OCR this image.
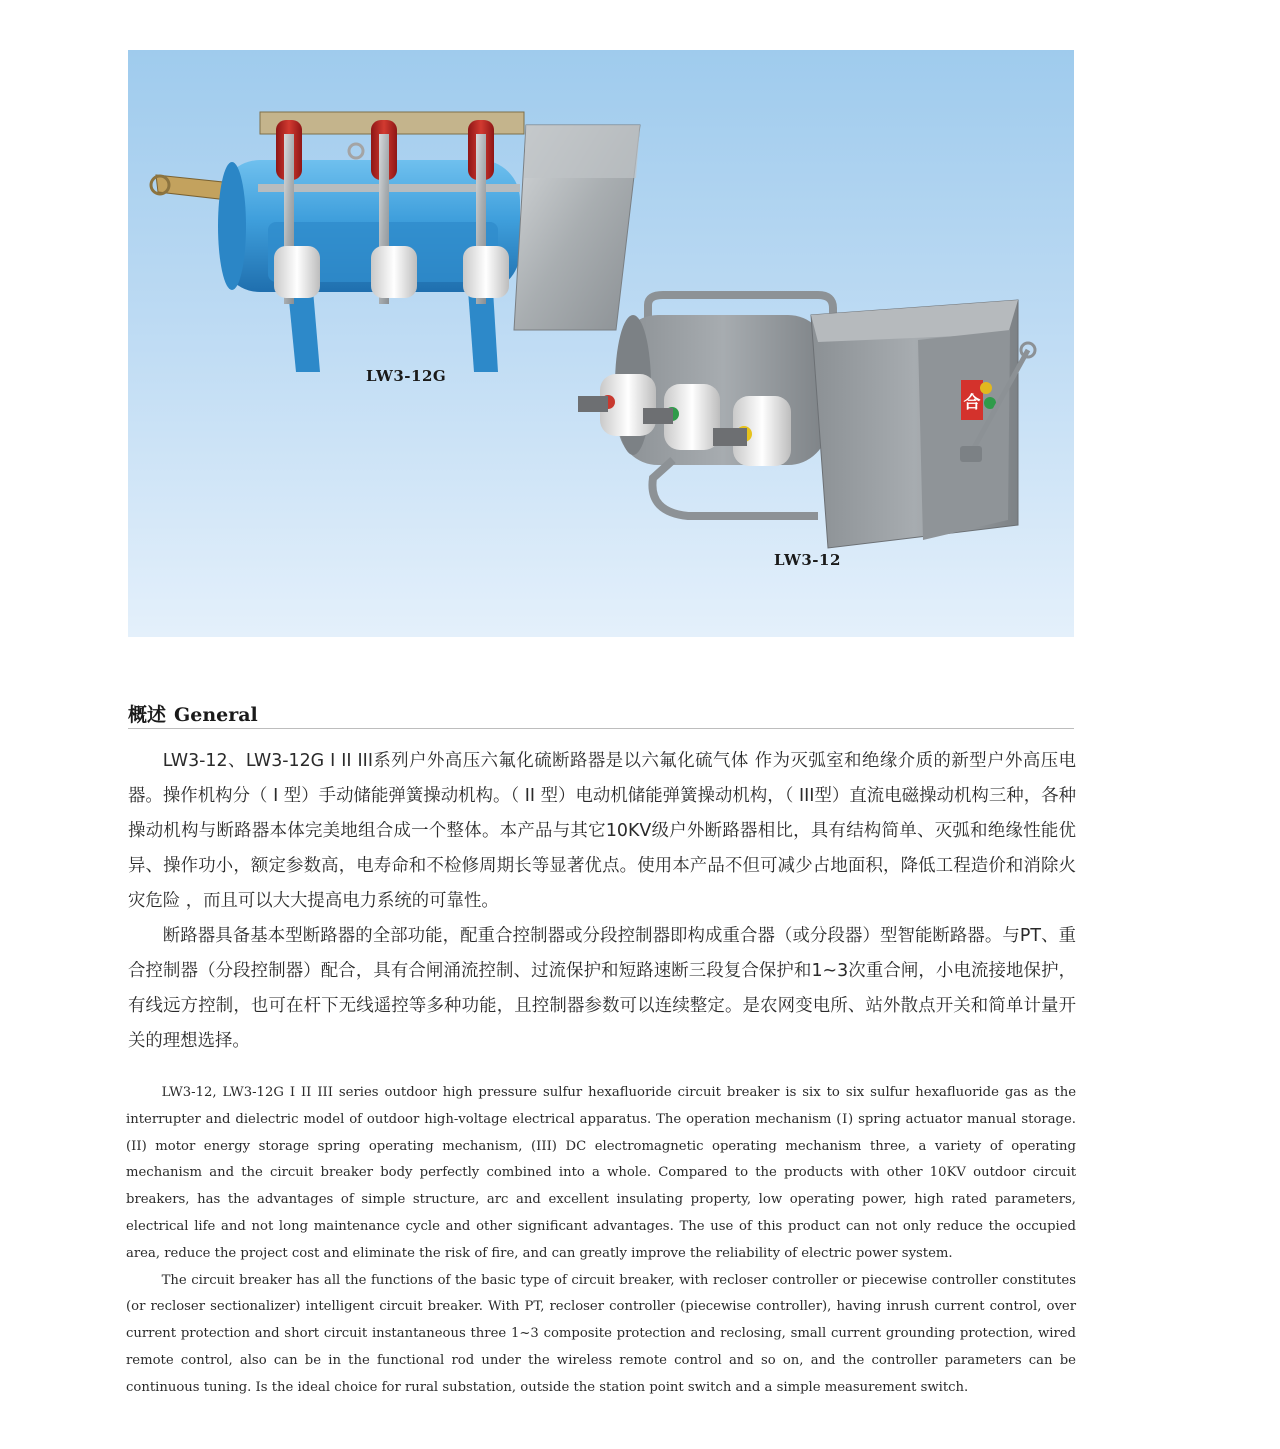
合
LW3-12G
LW3-12
概述 General

LW3-12、LW3-12G I II III系列户外高压六氟化硫断路器是以六氟化硫气体 作为灭弧室和绝缘介质的新型户外高压电器。操作机构分（ I 型）手动储能弹簧操动机构。（ II 型）电动机储能弹簧操动机构，（ III型）直流电磁操动机构三种，各种操动机构与断路器本体完美地组合成一个整体。本产品与其它10KV级户外断路器相比，具有结构简单、灭弧和绝缘性能优异、操作功小，额定参数高，电寿命和不检修周期长等显著优点。使用本产品不但可减少占地面积，降低工程造价和消除火灾危险 ，而且可以大大提高电力系统的可靠性。

断路器具备基本型断路器的全部功能，配重合控制器或分段控制器即构成重合器（或分段器）型智能断路器。与PT、重合控制器（分段控制器）配合，具有合闸涌流控制、过流保护和短路速断三段复合保护和1~3次重合闸，小电流接地保护，有线远方控制，也可在杆下无线遥控等多种功能，且控制器参数可以连续整定。是农网变电所、站外散点开关和简单计量开关的理想选择。

LW3-12, LW3-12G I II III series outdoor high pressure sulfur hexafluoride circuit breaker is six to six sulfur hexafluoride gas as the interrupter and dielectric model of outdoor high-voltage electrical apparatus. The operation mechanism (Ⅰ) spring actuator manual storage. (II) motor energy storage spring operating mechanism, (III) DC electromagnetic operating mechanism three, a variety of operating mechanism and the circuit breaker body perfectly combined into a whole. Compared to the products with other 10KV outdoor circuit breakers, has the advantages of simple structure, arc and excellent insulating property, low operating power, high rated parameters, electrical life and not long maintenance cycle and other significant advantages. The use of this product can not only reduce the occupied area, reduce the project cost and eliminate the risk of fire, and can greatly improve the reliability of electric power system.

The circuit breaker has all the functions of the basic type of circuit breaker, with recloser controller or piecewise controller constitutes (or recloser sectionalizer) intelligent circuit breaker. With PT, recloser controller (piecewise controller), having inrush current control, over current protection and short circuit instantaneous three 1~3 composite protection and reclosing, small current grounding protection, wired remote control, also can be in the functional rod under the wireless remote control and so on, and the controller parameters can be continuous tuning. Is the ideal choice for rural substation, outside the station point switch and a simple measurement switch.
